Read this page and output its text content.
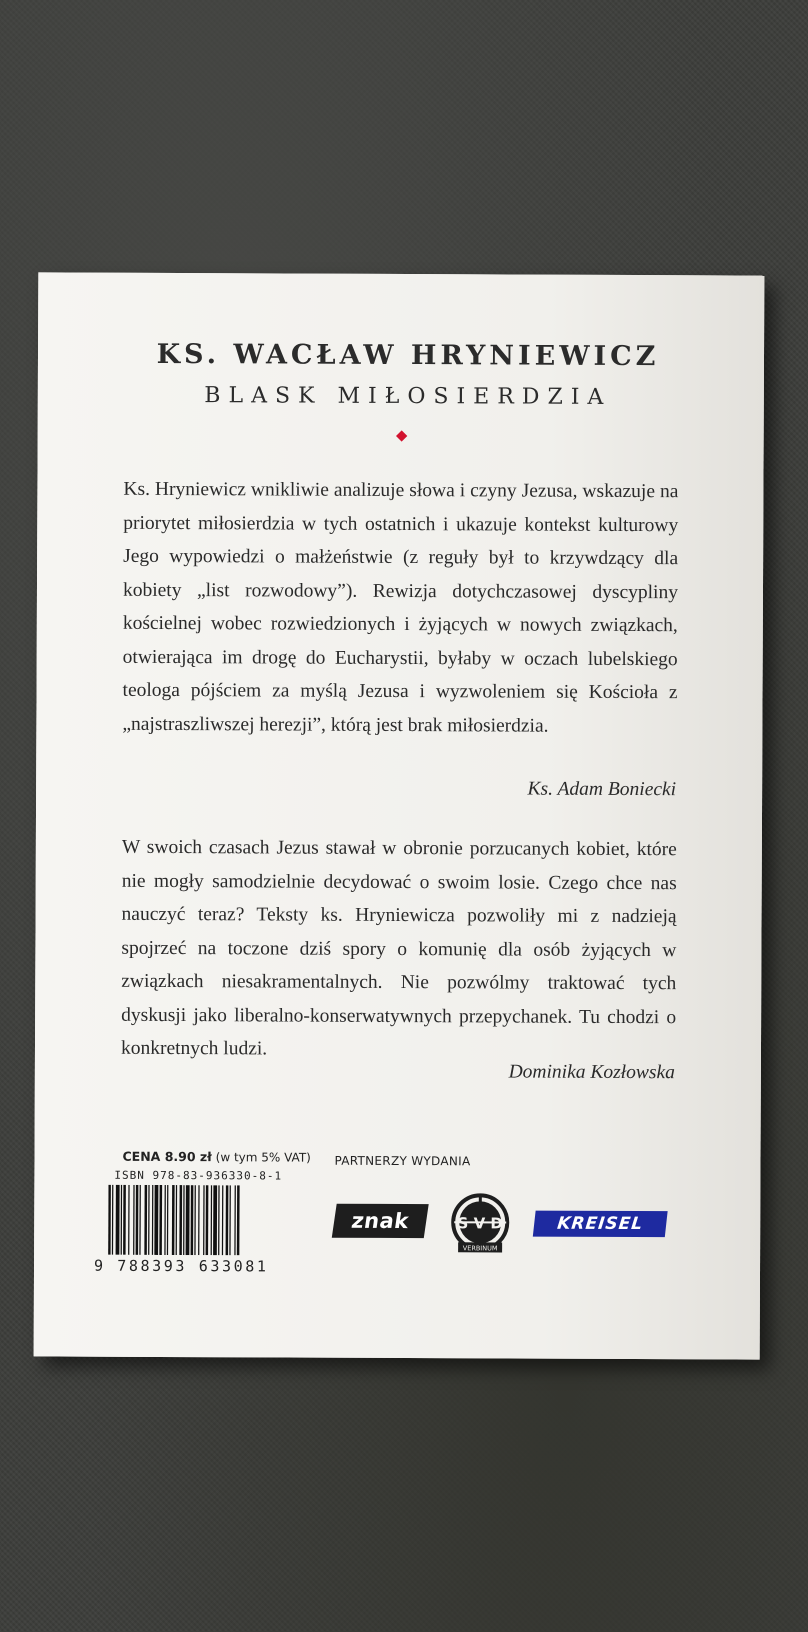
KS. WACŁAW HRYNIEWICZ
BLASK MIŁOSIERDZIA

Ks. Hryniewicz wnikliwie analizuje słowa i czyny Jezusa, wskazuje na priorytet miłosierdzia w tych ostatnich i ukazuje kontekst kulturowy Jego wypowiedzi o małżeństwie (z reguły był to krzywdzący dla kobiety „list rozwodowy”). Rewizja dotychczasowej dyscypliny kościelnej wobec rozwiedzionych i żyjących w nowych związkach, otwierająca im drogę do Eucharystii, byłaby w oczach lubelskiego teologa pójściem za myślą Jezusa i wyzwoleniem się Kościoła z „najstraszliwszej herezji”, którą jest brak miłosierdzia.

Ks. Adam Boniecki

W swoich czasach Jezus stawał w obronie porzucanych kobiet, które nie mogły samodzielnie decydować o swoim losie. Czego chce nas nauczyć teraz? Teksty ks. Hryniewicza pozwoliły mi z nadzieją spojrzeć na toczone dziś spory o komunię dla osób żyjących w związkach niesakramentalnych. Nie pozwólmy traktować tych dyskusji jako liberalno-konserwatywnych przepychanek. Tu chodzi o konkretnych ludzi.

Dominika Kozłowska
CENA 8.90 zł (w tym 5% VAT)
ISBN 978-83-936330-8-1
9 788393 633081
PARTNERZY WYDANIA
znak	S V D
VERBINUM
KREISEL
